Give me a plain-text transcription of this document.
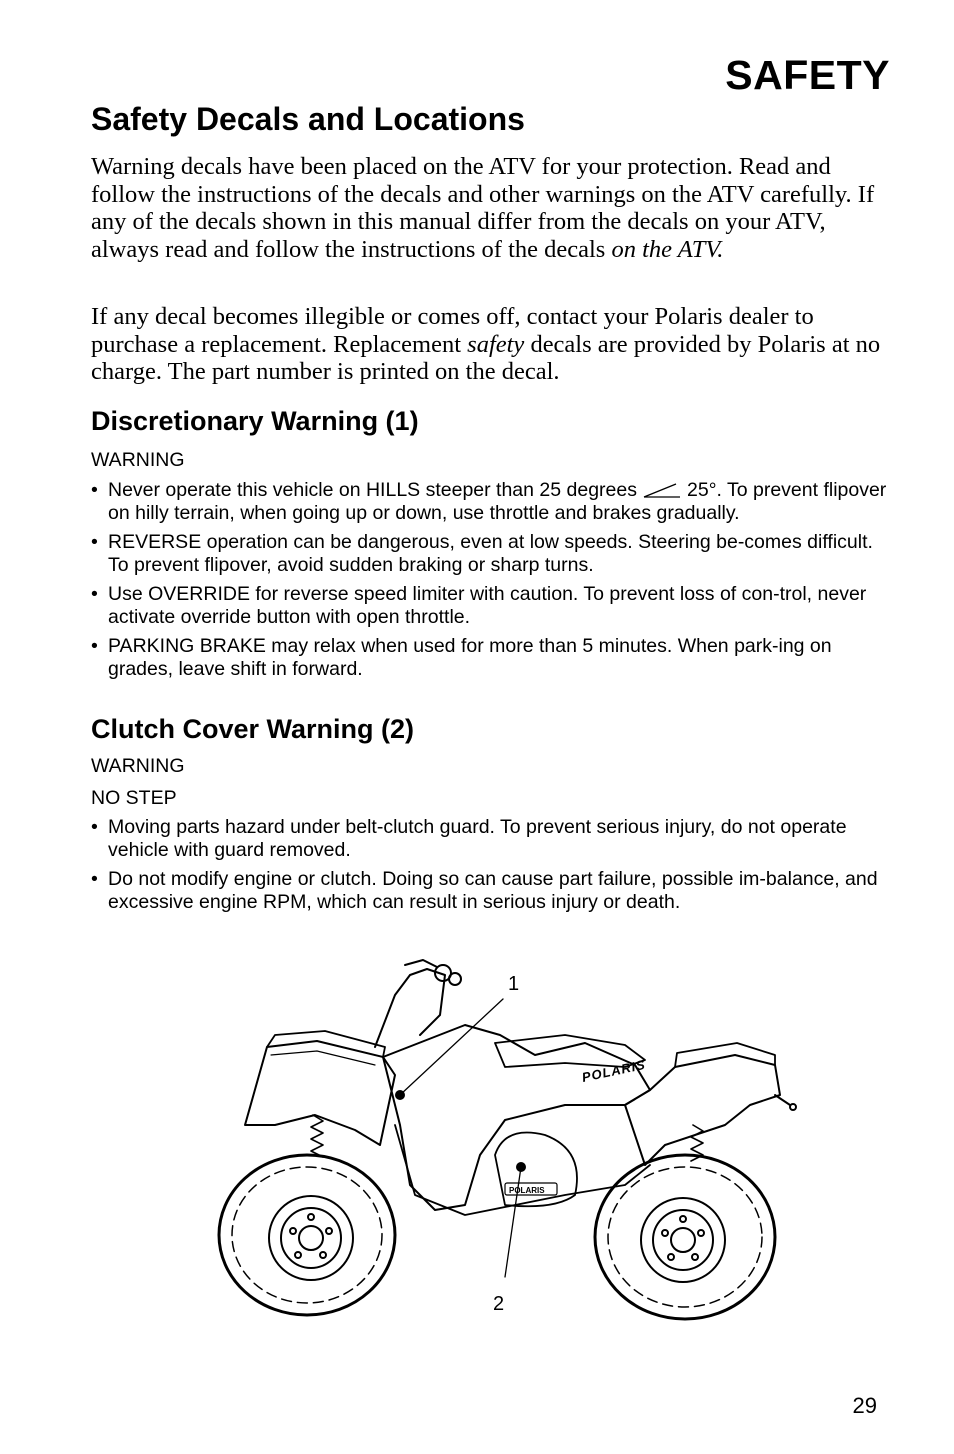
SAFETY
Safety Decals and Locations

Warning decals have been placed on the ATV for your protection. Read and follow the instructions of the decals and other warnings on the ATV carefully. If any of the decals shown in this manual differ from the decals on your ATV, always read and follow the instructions of the decals on the ATV.

If any decal becomes illegible or comes off, contact your Polaris dealer to purchase a replacement. Replacement safety decals are provided by Polaris at no charge. The part number is printed on the decal.

Discretionary Warning (1)
WARNING
• Never operate this vehicle on HILLS steeper than 25 degrees	25°. To prevent flipover on hilly terrain, when going up or down, use throttle and brakes gradually.
• REVERSE operation can be dangerous, even at low speeds. Steering be-comes difficult. To prevent flipover, avoid sudden braking or sharp turns.
• Use OVERRIDE for reverse speed limiter with caution. To prevent loss of con-trol, never activate override button with open throttle.
• PARKING BRAKE may relax when used for more than 5 minutes. When park-ing on grades, leave shift in forward.
Clutch Cover Warning (2)
WARNING
NO STEP
• Moving parts hazard under belt-clutch guard. To prevent serious injury, do not operate vehicle with guard removed.
• Do not modify engine or clutch. Doing so can cause part failure, possible im-balance, and excessive engine RPM, which can result in serious injury or death.
POLARIS
POLARIS
1
2
29
